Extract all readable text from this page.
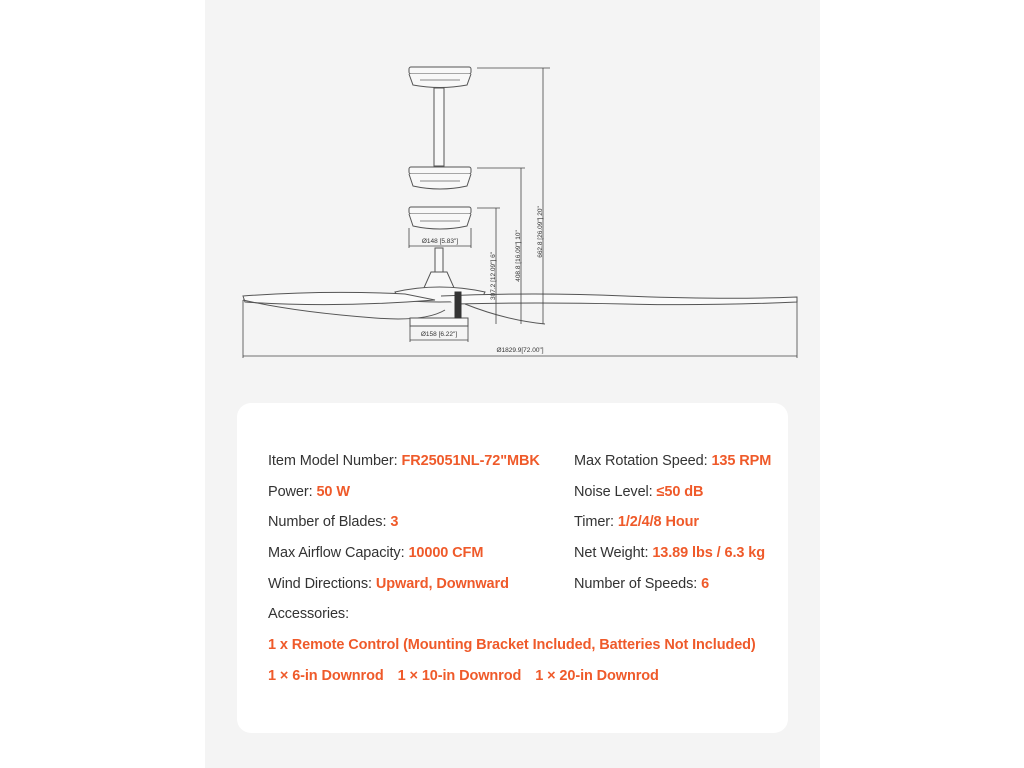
662.8 [26.09"] 20"
408.8 [16.09"] 10"
307.2 [12.09"] 6"
Ø148 [5.83"]
Ø158 [6.22"]
Ø1829.9[72.00"]
Item Model Number: FR25051NL-72"MBK
Power: 50 W
Number of Blades: 3
Max Airflow Capacity: 10000 CFM
Wind Directions: Upward, Downward
Max Rotation Speed: 135 RPM
Noise Level: ≤50 dB
Timer: 1/2/4/8 Hour
Net Weight: 13.89 lbs / 6.3 kg
Number of Speeds: 6
Accessories:
1 x Remote Control (Mounting Bracket Included, Batteries Not Included)
1 × 6-in Downrod 1 × 10-in Downrod 1 × 20-in Downrod
